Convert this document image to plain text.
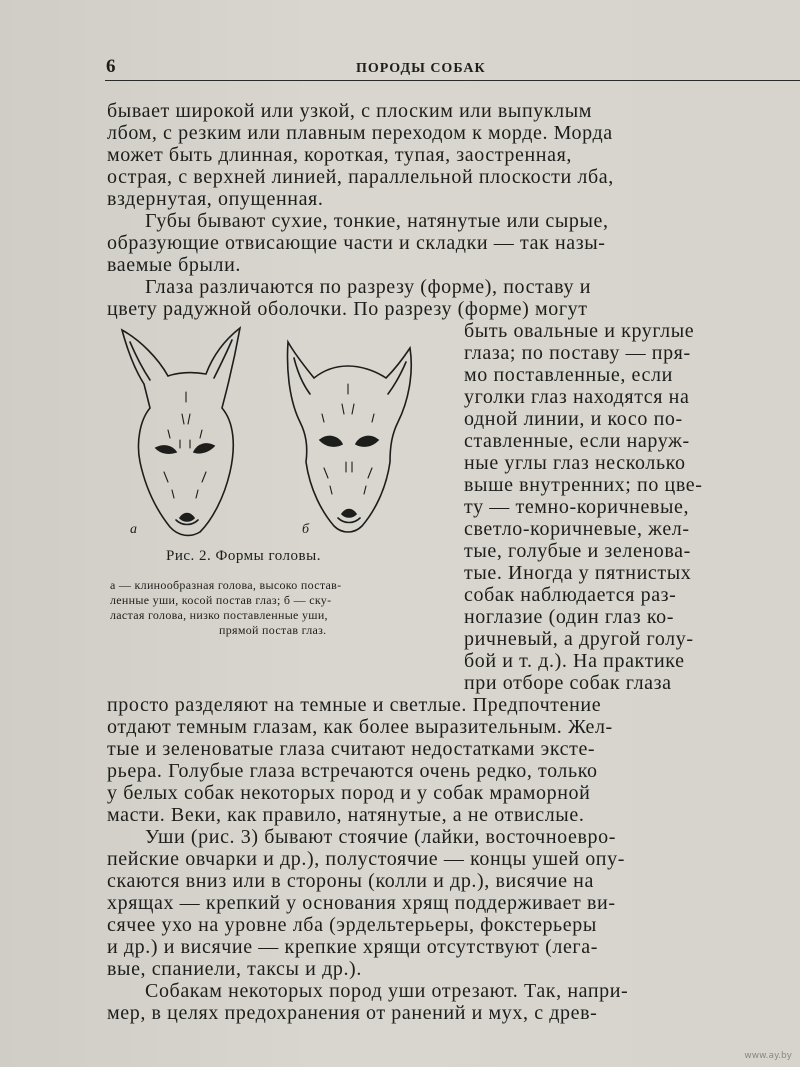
6	ПОРОДЫ СОБАК
бывает широкой или узкой, с плоским или выпуклым
лбом, с резким или плавным переходом к морде. Морда
может быть длинная, короткая, тупая, заостренная,
острая, с верхней линией, параллельной плоскости лба,
вздернутая, опущенная.
Губы бывают сухие, тонкие, натянутые или сырые,
образующие отвисающие части и складки — так назы-
ваемые брыли.
Глаза различаются по разрезу (форме), поставу и
цвету радужной оболочки. По разрезу (форме) могут
быть овальные и круглые
глаза; по поставу — пря-
мо поставленные, если
уголки глаз находятся на
одной линии, и косо по-
ставленные, если наруж-
ные углы глаз несколько
выше внутренних; по цве-
ту — темно-коричневые,
светло-коричневые, жел-
тые, голубые и зеленова-
тые. Иногда у пятнистых
собак наблюдается раз-
ноглазие (один глаз ко-
ричневый, а другой голу-
бой и т. д.). На практике
при отборе собак глаза
просто разделяют на темные и светлые. Предпочтение
отдают темным глазам, как более выразительным. Жел-
тые и зеленоватые глаза считают недостатками эксте-
рьера. Голубые глаза встречаются очень редко, только
у белых собак некоторых пород и у собак мраморной
масти. Веки, как правило, натянутые, а не отвислые.
Уши (рис. 3) бывают стоячие (лайки, восточноевро-
пейские овчарки и др.), полустоячие — концы ушей опу-
скаются вниз или в стороны (колли и др.), висячие на
хрящах — крепкий у основания хрящ поддерживает ви-
сячее ухо на уровне лба (эрдельтерьеры, фокстерьеры
и др.) и висячие — крепкие хрящи отсутствуют (лега-
вые, спаниели, таксы и др.).
Собакам некоторых пород уши отрезают. Так, напри-
мер, в целях предохранения от ранений и мух, с древ-
а	б
Рис. 2. Формы головы.
а — клинообразная голова, высоко постав-
ленные уши, косой постав глаз; б — ску-
ластая голова, низко поставленные уши,
прямой постав глаз.
www.ay.by
